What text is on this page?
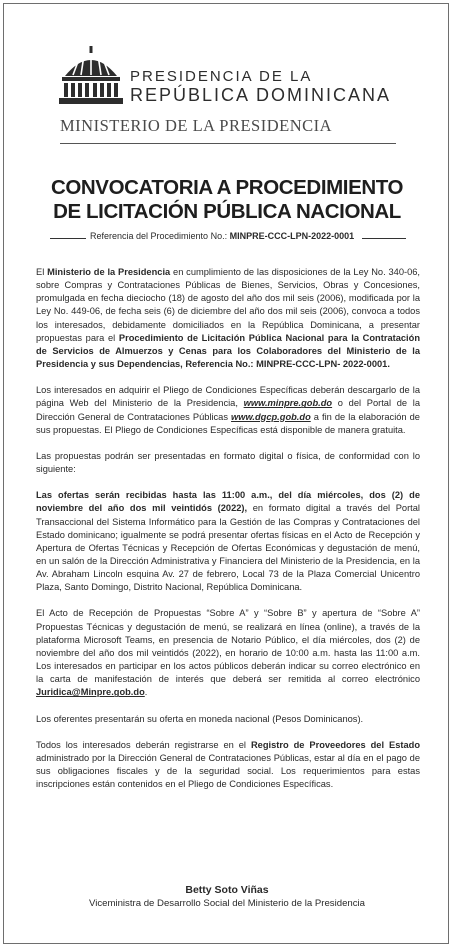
PRESIDENCIA DE LA
REPÚBLICA DOMINICANA
MINISTERIO DE LA PRESIDENCIA
CONVOCATORIA A PROCEDIMIENTO
DE LICITACIÓN PÚBLICA NACIONAL
Referencia del Procedimiento No.: MINPRE-CCC-LPN-2022-0001

El Ministerio de la Presidencia en cumplimiento de las disposiciones de la Ley No. 340-06, sobre Compras y Contrataciones Públicas de Bienes, Servicios, Obras y Concesiones, promulgada en fecha dieciocho (18) de agosto del año dos mil seis (2006), modificada por la Ley No. 449-06, de fecha seis (6) de diciembre del año dos mil seis (2006), convoca a todos los interesados, debidamente domiciliados en la República Dominicana, a presentar propuestas para el Procedimiento de Licitación Pública Nacional para la Contratación de Servicios de Almuerzos y Cenas para los Colaboradores del Ministerio de la Presidencia y sus Dependencias, Referencia No.: MINPRE-CCC-LPN- 2022-0001.

Los interesados en adquirir el Pliego de Condiciones Específicas deberán descargarlo de la página Web del Ministerio de la Presidencia, www.minpre.gob.do o del Portal de la Dirección General de Contrataciones Públicas www.dgcp.gob.do a fin de la elaboración de sus propuestas. El Pliego de Condiciones Específicas está disponible de manera gratuita.

Las propuestas podrán ser presentadas en formato digital o física, de conformidad con lo siguiente:

Las ofertas serán recibidas hasta las 11:00 a.m., del día miércoles, dos (2) de noviembre del año dos mil veintidós (2022), en formato digital a través del Portal Transaccional del Sistema Informático para la Gestión de las Compras y Contrataciones del Estado dominicano; igualmente se podrá presentar ofertas físicas en el Acto de Recepción y Apertura de Ofertas Técnicas y Recepción de Ofertas Económicas y degustación de menú, en un salón de la Dirección Administrativa y Financiera del Ministerio de la Presidencia, en la Av. Abraham Lincoln esquina Av. 27 de febrero, Local 73 de la Plaza Comercial Unicentro Plaza, Santo Domingo, Distrito Nacional, República Dominicana.

El Acto de Recepción de Propuestas “Sobre A” y “Sobre B” y apertura de “Sobre A” Propuestas Técnicas y degustación de menú, se realizará en línea (online), a través de la plataforma Microsoft Teams, en presencia de Notario Público, el día miércoles, dos (2) de noviembre del año dos mil veintidós (2022), en horario de 10:00 a.m. hasta las 11:00 a.m. Los interesados en participar en los actos públicos deberán indicar su correo electrónico en la carta de manifestación de interés que deberá ser remitida al correo electrónico Juridica@Minpre.gob.do.

Los oferentes presentarán su oferta en moneda nacional (Pesos Dominicanos).

Todos los interesados deberán registrarse en el Registro de Proveedores del Estado administrado por la Dirección General de Contrataciones Públicas, estar al día en el pago de sus obligaciones fiscales y de la seguridad social. Los requerimientos para estas inscripciones están contenidos en el Pliego de Condiciones Específicas.

Betty Soto Viñas
Viceministra de Desarrollo Social del Ministerio de la Presidencia
